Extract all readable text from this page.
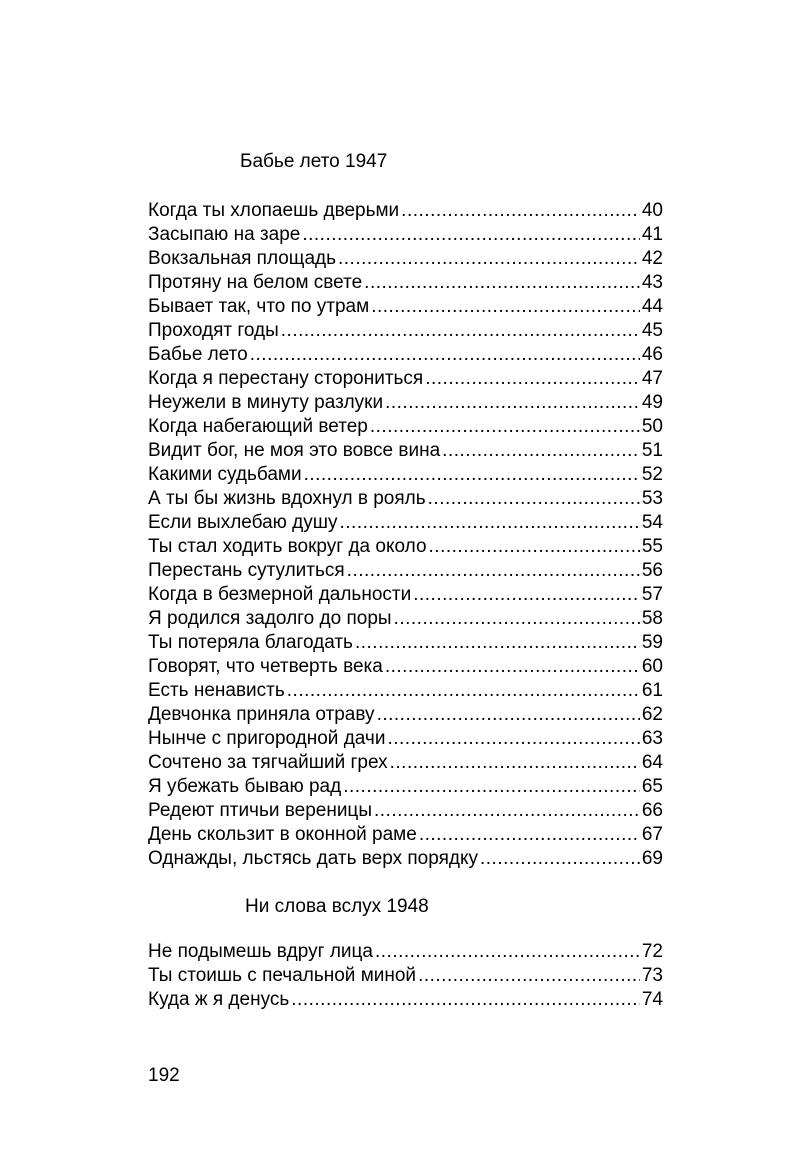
Бабье лето 1947
Когда ты хлопаешь дверьми .....	40
Засыпаю на заре .....	41
Вокзальная площадь .....	42
Протяну на белом свете .....	43
Бывает так, что по утрам .....	44
Проходят годы .....	45
Бабье лето .....	46
Когда я перестану сторониться .....	47
Неужели в минуту разлуки .....	49
Когда набегающий ветер .....	50
Видит бог, не моя это вовсе вина .....	51
Какими судьбами .....	52
А ты бы жизнь вдохнул в рояль .....	53
Если выхлебаю душу .....	54
Ты стал ходить вокруг да около .....	55
Перестань сутулиться .....	56
Когда в безмерной дальности .....	57
Я родился задолго до поры .....	58
Ты потеряла благодать .....	59
Говорят, что четверть века .....	60
Есть ненависть .....	61
Девчонка приняла отраву .....	62
Нынче с пригородной дачи .....	63
Сочтено за тягчайший грех .....	64
Я убежать бываю рад .....	65
Редеют птичьи вереницы .....	66
День скользит в оконной раме .....	67
Однажды, льстясь дать верх порядку .....	69
Ни слова вслух 1948
Не подымешь вдруг лица .....	72
Ты стоишь с печальной миной .....	73
Куда ж я денусь .....	74
192
